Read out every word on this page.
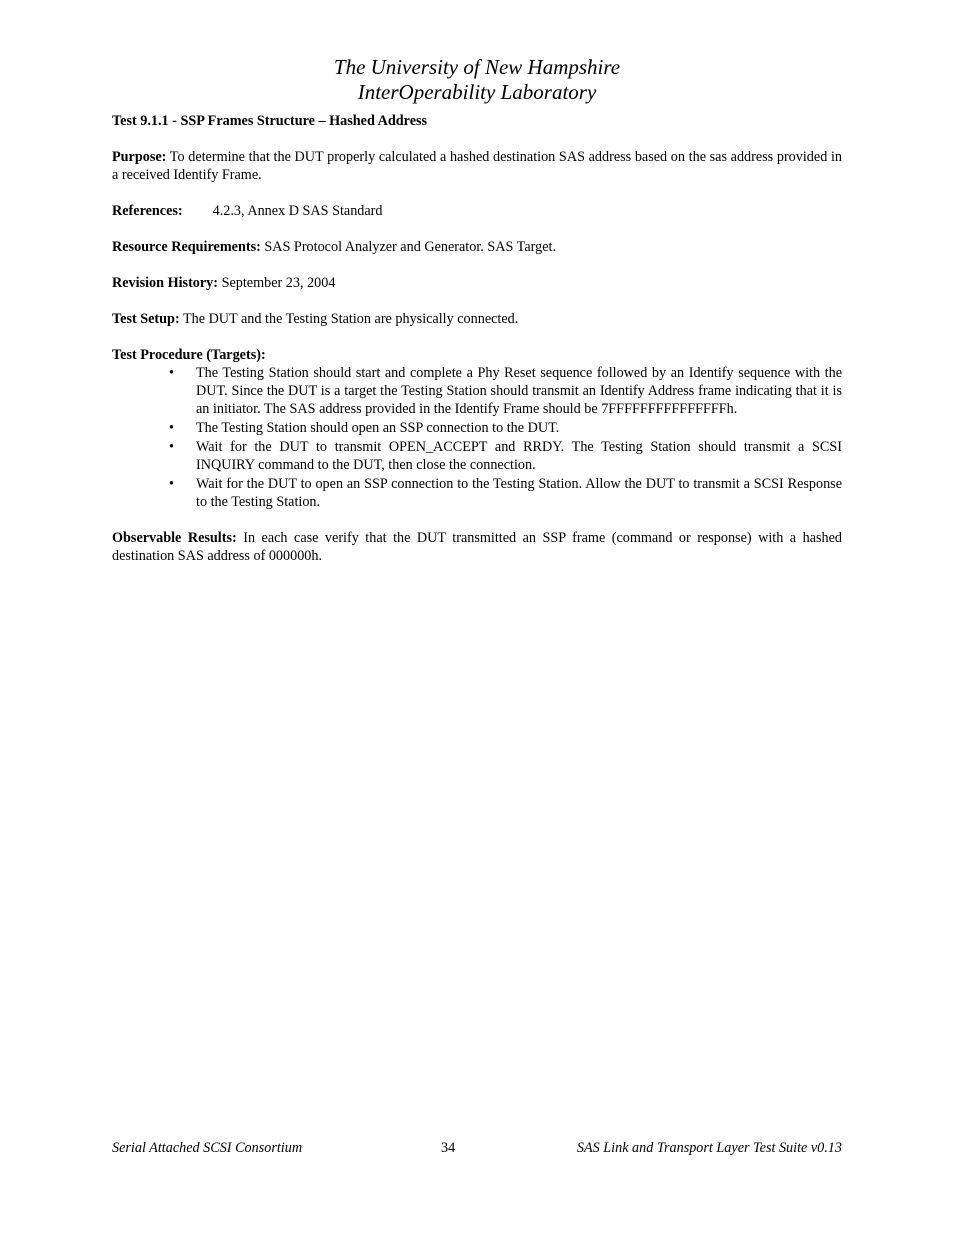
The University of New Hampshire
InterOperability Laboratory

Test 9.1.1 - SSP Frames Structure – Hashed Address

Purpose: To determine that the DUT properly calculated a hashed destination SAS address based on the sas address provided in a received Identify Frame.

References: 4.2.3, Annex D SAS Standard

Resource Requirements: SAS Protocol Analyzer and Generator. SAS Target.

Revision History: September 23, 2004

Test Setup: The DUT and the Testing Station are physically connected.

Test Procedure (Targets):

• The Testing Station should start and complete a Phy Reset sequence followed by an Identify sequence with the DUT. Since the DUT is a target the Testing Station should transmit an Identify Address frame indicating that it is an initiator. The SAS address provided in the Identify Frame should be 7FFFFFFFFFFFFFFFh.
• The Testing Station should open an SSP connection to the DUT.
• Wait for the DUT to transmit OPEN_ACCEPT and RRDY. The Testing Station should transmit a SCSI INQUIRY command to the DUT, then close the connection.
• Wait for the DUT to open an SSP connection to the Testing Station. Allow the DUT to transmit a SCSI Response to the Testing Station.

Observable Results: In each case verify that the DUT transmitted an SSP frame (command or response) with a hashed destination SAS address of 000000h.

Serial Attached SCSI Consortium	34	SAS Link and Transport Layer Test Suite v0.13
